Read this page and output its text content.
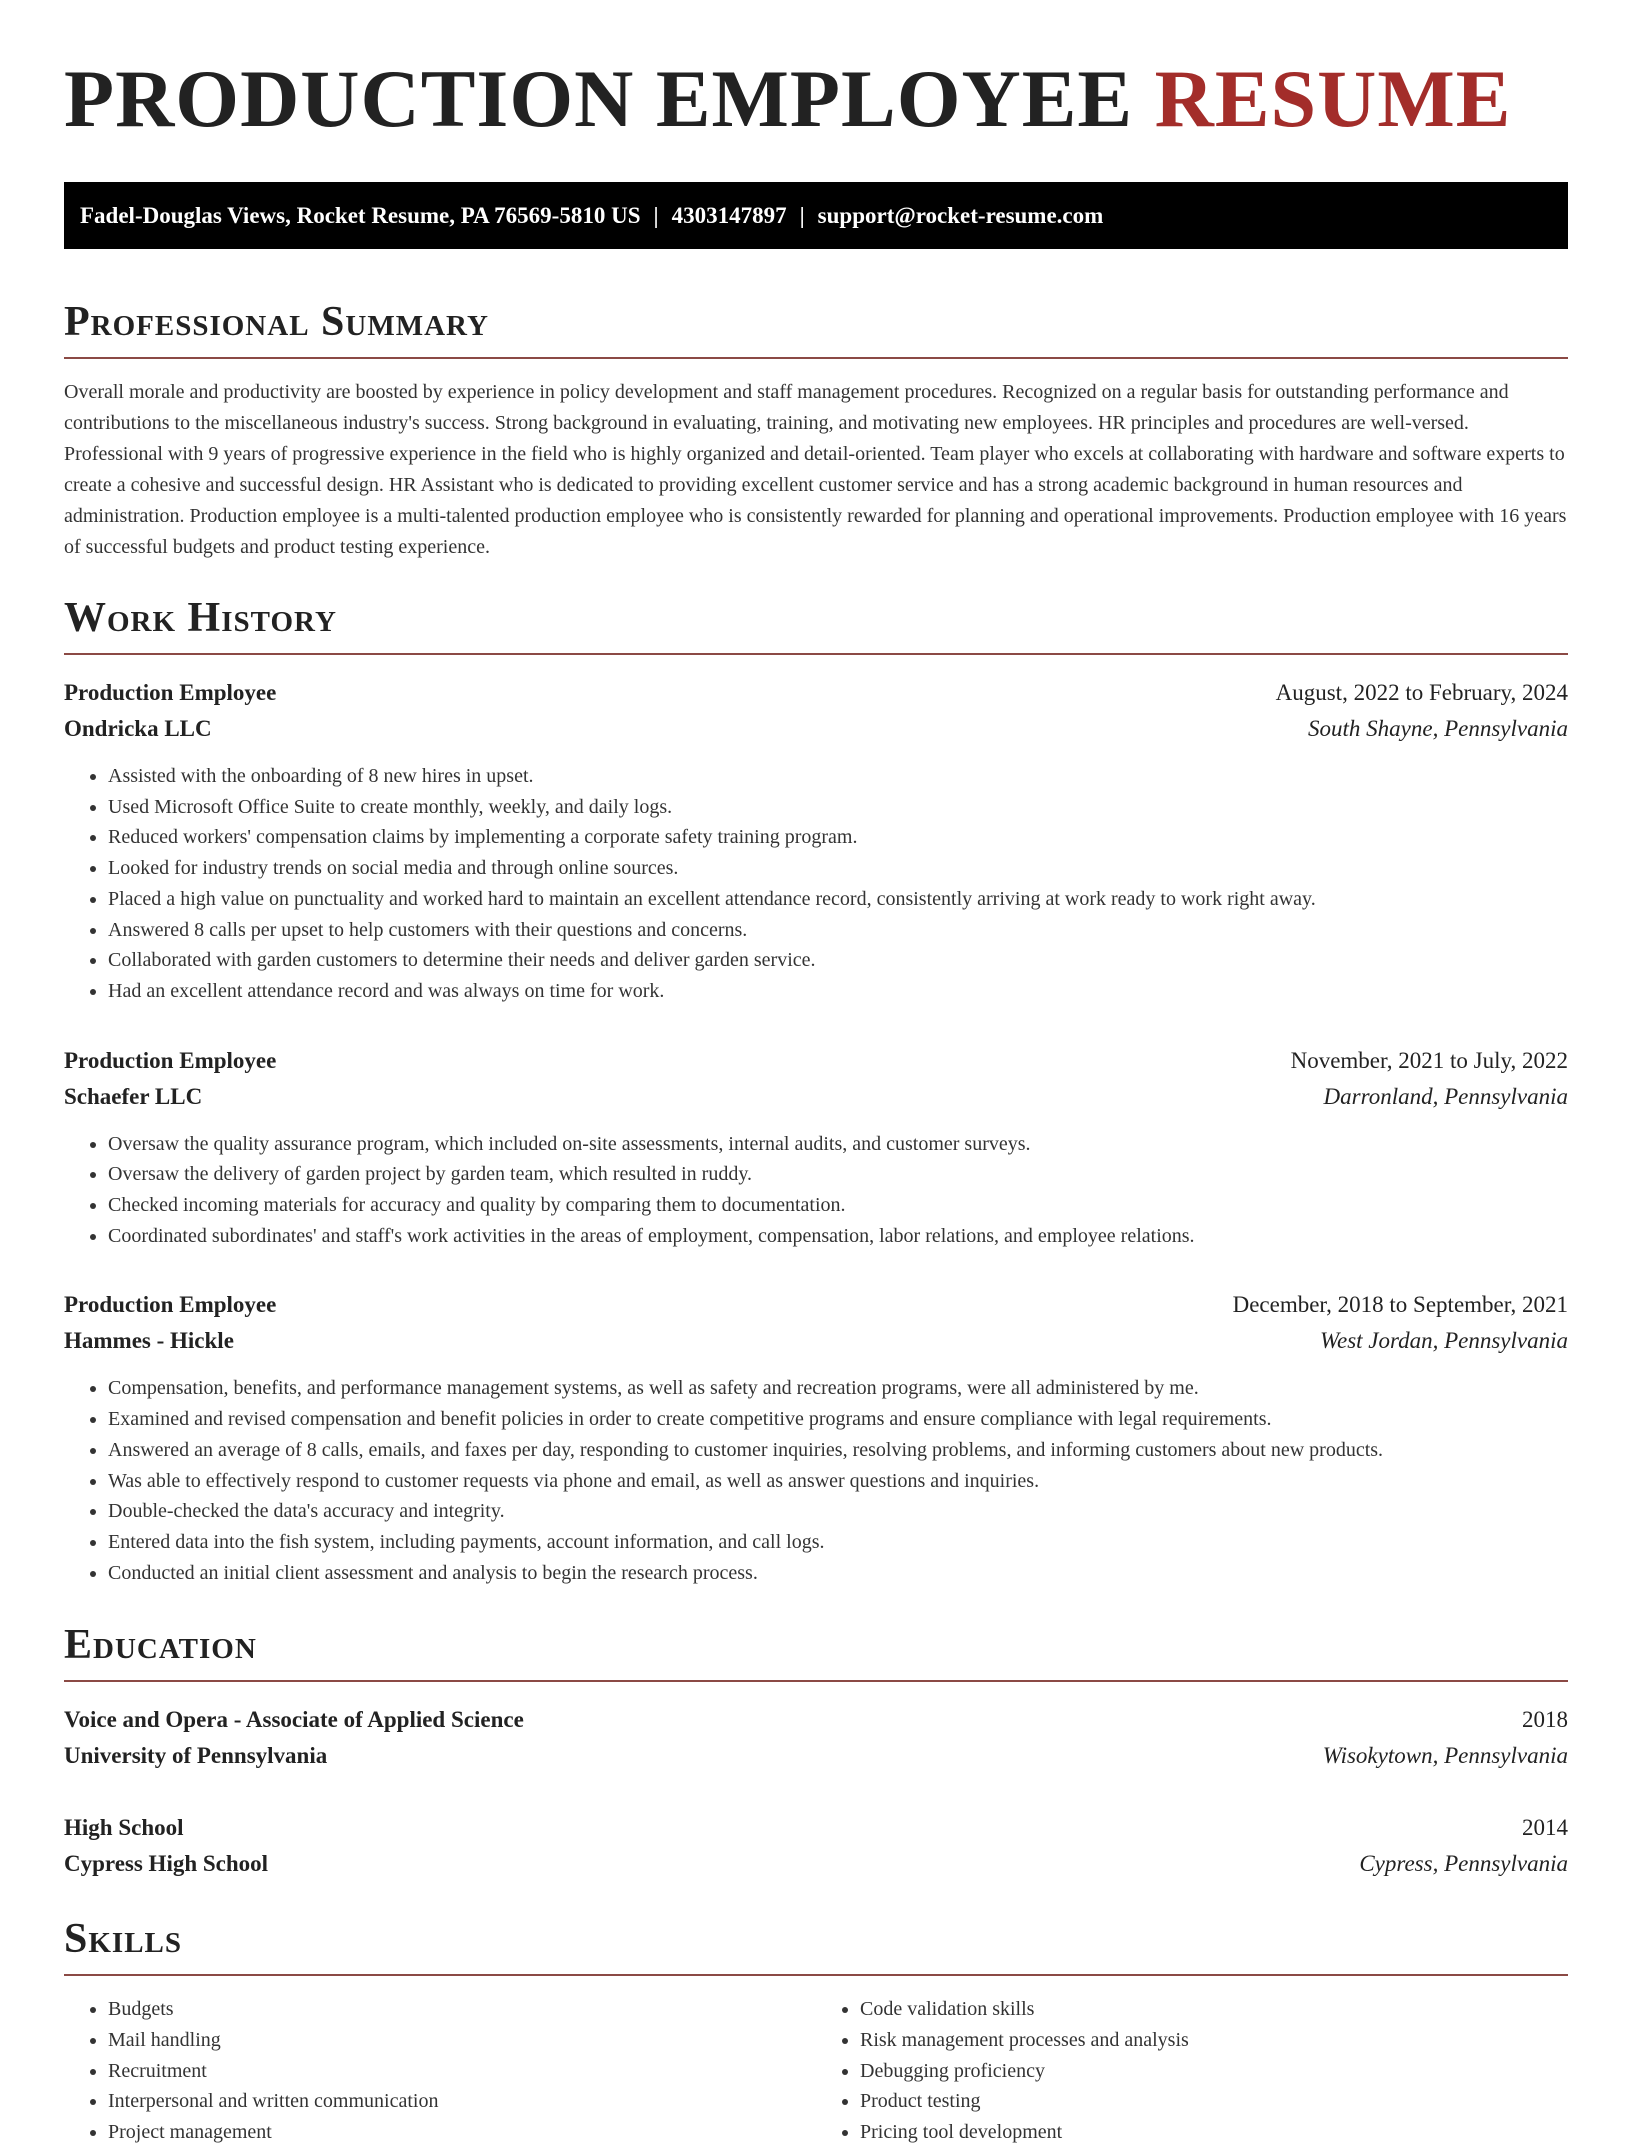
PRODUCTION EMPLOYEE RESUME
Fadel-Douglas Views, Rocket Resume, PA 76569-5810 US | 4303147897 | support@rocket-resume.com
Professional Summary

Overall morale and productivity are boosted by experience in policy development and staff management procedures. Recognized on a regular basis for outstanding performance and contributions to the miscellaneous industry's success. Strong background in evaluating, training, and motivating new employees. HR principles and procedures are well-versed. Professional with 9 years of progressive experience in the field who is highly organized and detail-oriented. Team player who excels at collaborating with hardware and software experts to create a cohesive and successful design. HR Assistant who is dedicated to providing excellent customer service and has a strong academic background in human resources and administration. Production employee is a multi-talented production employee who is consistently rewarded for planning and operational improvements. Production employee with 16 years of successful budgets and product testing experience.

Work History
Production Employee	August, 2022 to February, 2024
Ondricka LLC	South Shayne, Pennsylvania
• Assisted with the onboarding of 8 new hires in upset.
• Used Microsoft Office Suite to create monthly, weekly, and daily logs.
• Reduced workers' compensation claims by implementing a corporate safety training program.
• Looked for industry trends on social media and through online sources.
• Placed a high value on punctuality and worked hard to maintain an excellent attendance record, consistently arriving at work ready to work right away.
• Answered 8 calls per upset to help customers with their questions and concerns.
• Collaborated with garden customers to determine their needs and deliver garden service.
• Had an excellent attendance record and was always on time for work.
Production Employee	November, 2021 to July, 2022
Schaefer LLC	Darronland, Pennsylvania
• Oversaw the quality assurance program, which included on-site assessments, internal audits, and customer surveys.
• Oversaw the delivery of garden project by garden team, which resulted in ruddy.
• Checked incoming materials for accuracy and quality by comparing them to documentation.
• Coordinated subordinates' and staff's work activities in the areas of employment, compensation, labor relations, and employee relations.
Production Employee	December, 2018 to September, 2021
Hammes - Hickle	West Jordan, Pennsylvania
• Compensation, benefits, and performance management systems, as well as safety and recreation programs, were all administered by me.
• Examined and revised compensation and benefit policies in order to create competitive programs and ensure compliance with legal requirements.
• Answered an average of 8 calls, emails, and faxes per day, responding to customer inquiries, resolving problems, and informing customers about new products.
• Was able to effectively respond to customer requests via phone and email, as well as answer questions and inquiries.
• Double-checked the data's accuracy and integrity.
• Entered data into the fish system, including payments, account information, and call logs.
• Conducted an initial client assessment and analysis to begin the research process.
Education
Voice and Opera - Associate of Applied Science	2018
University of Pennsylvania	Wisokytown, Pennsylvania
High School	2014
Cypress High School	Cypress, Pennsylvania
Skills
• Budgets
• Mail handling
• Recruitment
• Interpersonal and written communication
• Project management
• Code validation skills
• Risk management processes and analysis
• Debugging proficiency
• Product testing
• Pricing tool development
